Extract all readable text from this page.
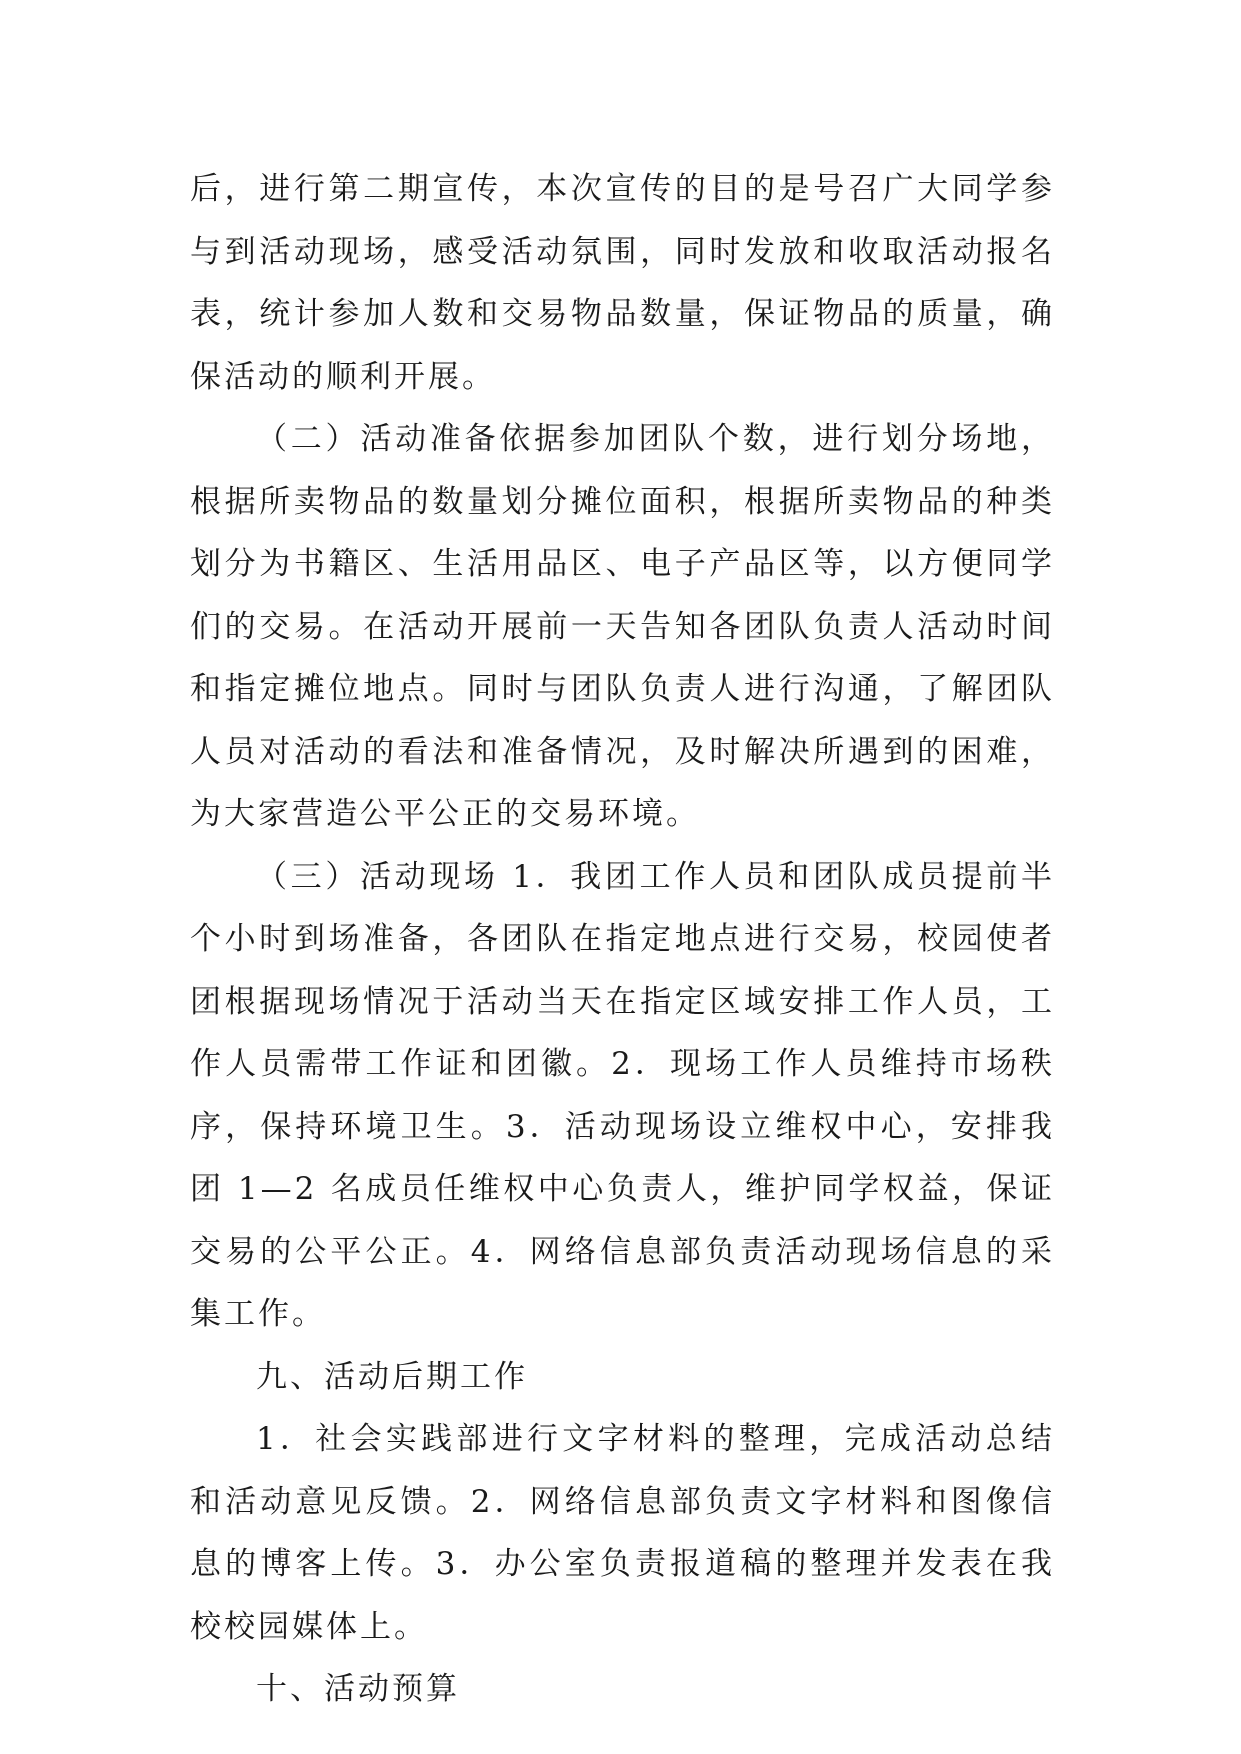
后，进行第二期宣传，本次宣传的目的是号召广大同学参与到活动现场，感受活动氛围，同时发放和收取活动报名表，统计参加人数和交易物品数量，保证物品的质量，确保活动的顺利开展。

（二）活动准备依据参加团队个数，进行划分场地，根据所卖物品的数量划分摊位面积，根据所卖物品的种类划分为书籍区、生活用品区、电子产品区等，以方便同学们的交易。在活动开展前一天告知各团队负责人活动时间和指定摊位地点。同时与团队负责人进行沟通，了解团队人员对活动的看法和准备情况，及时解决所遇到的困难，为大家营造公平公正的交易环境。

（三）活动现场 1．我团工作人员和团队成员提前半个小时到场准备，各团队在指定地点进行交易，校园使者团根据现场情况于活动当天在指定区域安排工作人员，工作人员需带工作证和团徽。2．现场工作人员维持市场秩序，保持环境卫生。3．活动现场设立维权中心，安排我团 1—2 名成员任维权中心负责人，维护同学权益，保证交易的公平公正。4．网络信息部负责活动现场信息的采集工作。

九、活动后期工作

1．社会实践部进行文字材料的整理，完成活动总结和活动意见反馈。2．网络信息部负责文字材料和图像信息的博客上传。3．办公室负责报道稿的整理并发表在我校校园媒体上。

十、活动预算
